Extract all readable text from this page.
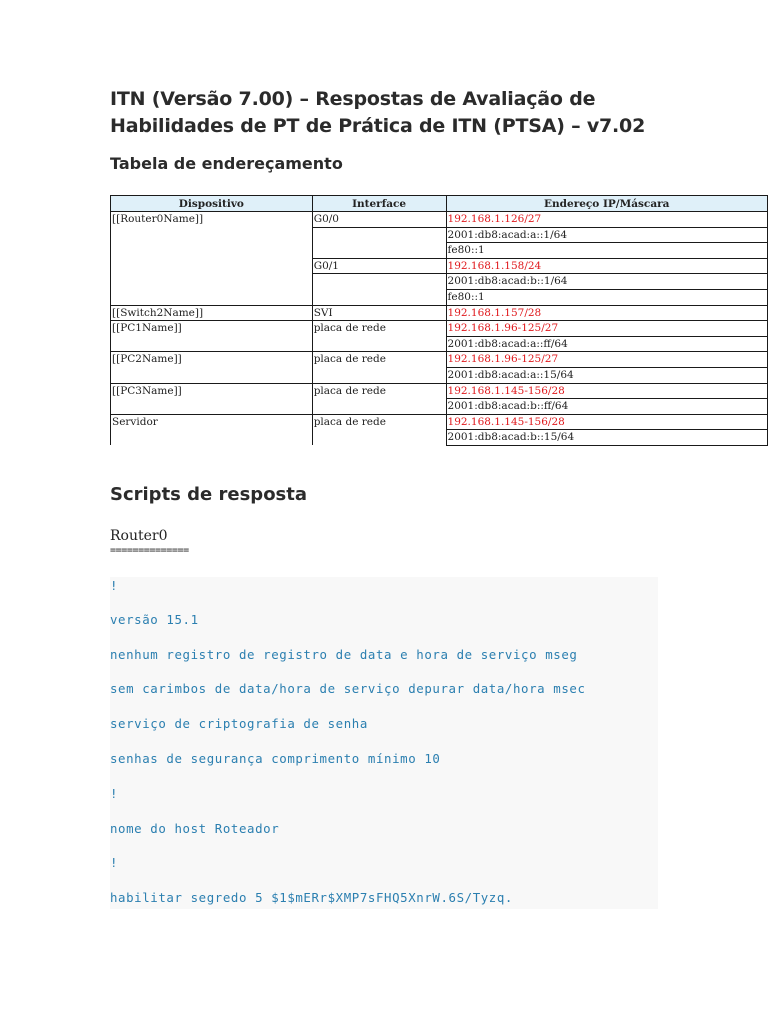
ITN (Versão 7.00) – Respostas de Avaliação de Habilidades de PT de Prática de ITN (PTSA) – v7.02
Tabela de endereçamento
Dispositivo	Interface	Endereço IP/Máscara
[[Router0Name]]	G0/0	192.168.1.126/27
		2001:db8:acad:a::1/64
		fe80::1
	G0/1	192.168.1.158/24
		2001:db8:acad:b::1/64
		fe80::1
[[Switch2Name]]	SVI	192.168.1.157/28
[[PC1Name]]	placa de rede	192.168.1.96-125/27
		2001:db8:acad:a::ff/64
[[PC2Name]]	placa de rede	192.168.1.96-125/27
		2001:db8:acad:a::15/64
[[PC3Name]]	placa de rede	192.168.1.145-156/28
		2001:db8:acad:b::ff/64
Servidor	placa de rede	192.168.1.145-156/28
		2001:db8:acad:b::15/64
Scripts de resposta
Router0
==============
!
versão 15.1
nenhum registro de registro de data e hora de serviço mseg
sem carimbos de data/hora de serviço depurar data/hora msec
serviço de criptografia de senha
senhas de segurança comprimento mínimo 10
!
nome do host Roteador
!
habilitar segredo 5 $1$mERr$XMP7sFHQ5XnrW.6S/Tyzq.
